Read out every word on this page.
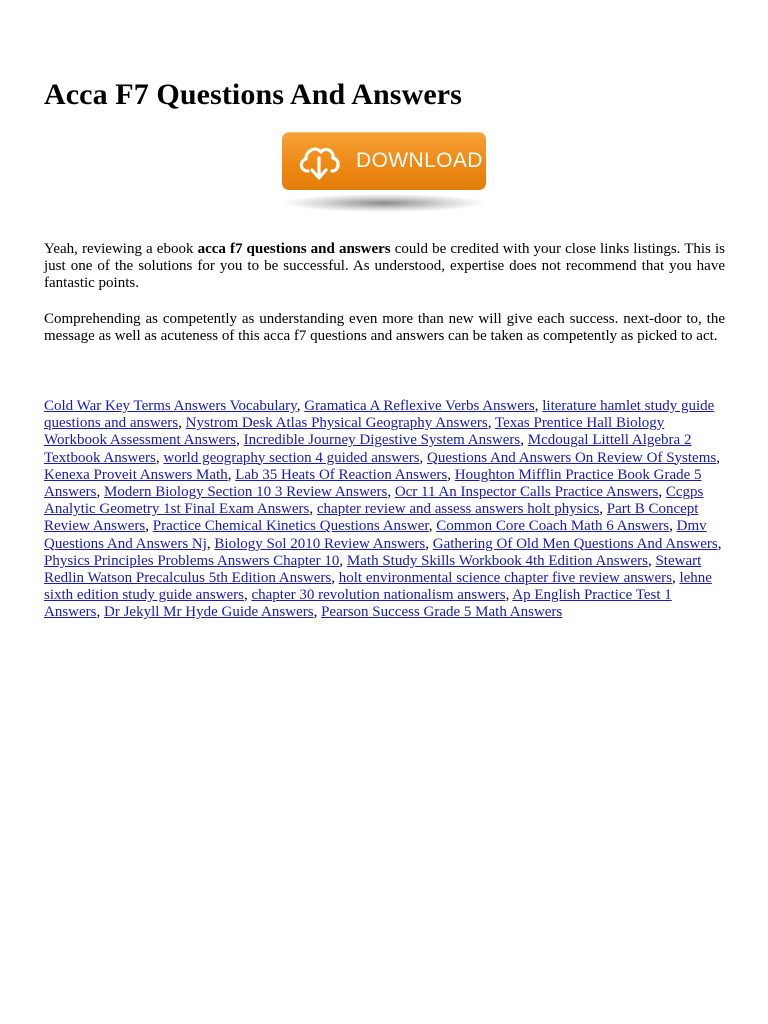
Acca F7 Questions And Answers
DOWNLOAD

Yeah, reviewing a ebook acca f7 questions and answers could be credited with your close links listings. This is just one of the solutions for you to be successful. As understood, expertise does not recommend that you have fantastic points.

Comprehending as competently as understanding even more than new will give each success. next-door to, the message as well as acuteness of this acca f7 questions and answers can be taken as competently as picked to act.

Cold War Key Terms Answers Vocabulary, Gramatica A Reflexive Verbs Answers, literature hamlet study guide questions and answers, Nystrom Desk Atlas Physical Geography Answers, Texas Prentice Hall Biology Workbook Assessment Answers, Incredible Journey Digestive System Answers, Mcdougal Littell Algebra 2 Textbook Answers, world geography section 4 guided answers, Questions And Answers On Review Of Systems, Kenexa Proveit Answers Math, Lab 35 Heats Of Reaction Answers, Houghton Mifflin Practice Book Grade 5 Answers, Modern Biology Section 10 3 Review Answers, Ocr 11 An Inspector Calls Practice Answers, Ccgps Analytic Geometry 1st Final Exam Answers, chapter review and assess answers holt physics, Part B Concept Review Answers, Practice Chemical Kinetics Questions Answer, Common Core Coach Math 6 Answers, Dmv Questions And Answers Nj, Biology Sol 2010 Review Answers, Gathering Of Old Men Questions And Answers, Physics Principles Problems Answers Chapter 10, Math Study Skills Workbook 4th Edition Answers, Stewart Redlin Watson Precalculus 5th Edition Answers, holt environmental science chapter five review answers, lehne sixth edition study guide answers, chapter 30 revolution nationalism answers, Ap English Practice Test 1 Answers, Dr Jekyll Mr Hyde Guide Answers, Pearson Success Grade 5 Math Answers
